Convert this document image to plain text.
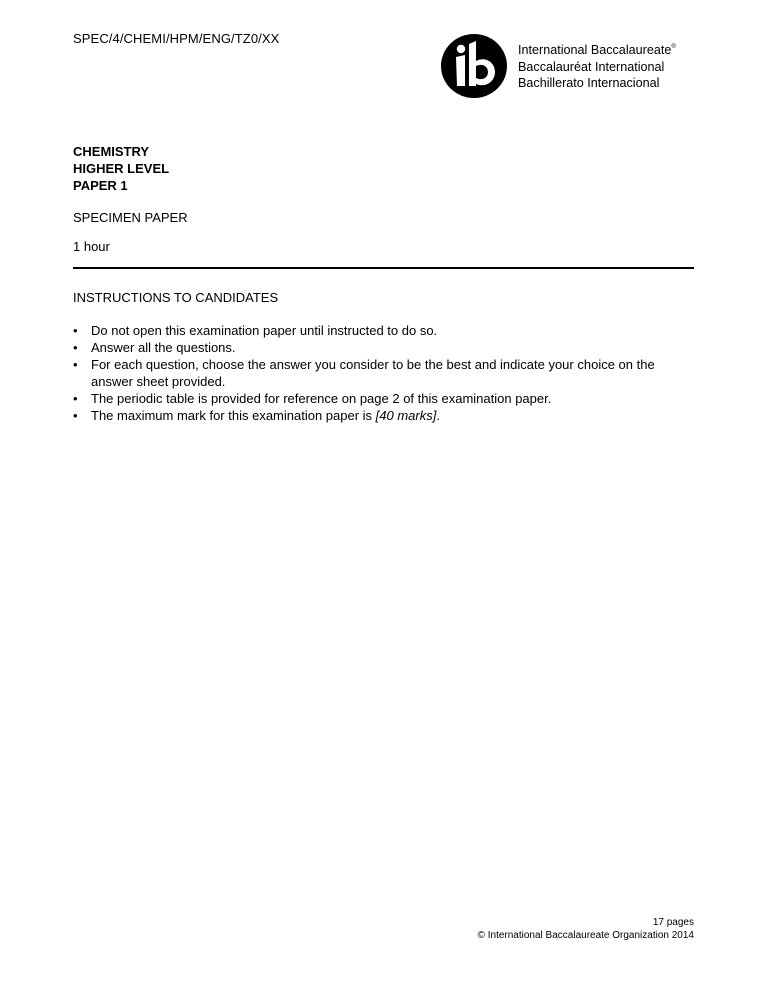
SPEC/4/CHEMI/HPM/ENG/TZ0/XX
International Baccalaureate®
Baccalauréat International
Bachillerato Internacional
CHEMISTRY
HIGHER LEVEL
PAPER 1
SPECIMEN PAPER
1 hour
INSTRUCTIONS TO CANDIDATES
• Do not open this examination paper until instructed to do so.
• Answer all the questions.
• For each question, choose the answer you consider to be the best and indicate your choice on the answer sheet provided.
• The periodic table is provided for reference on page 2 of this examination paper.
• The maximum mark for this examination paper is [40 marks].
17 pages
© International Baccalaureate Organization 2014
